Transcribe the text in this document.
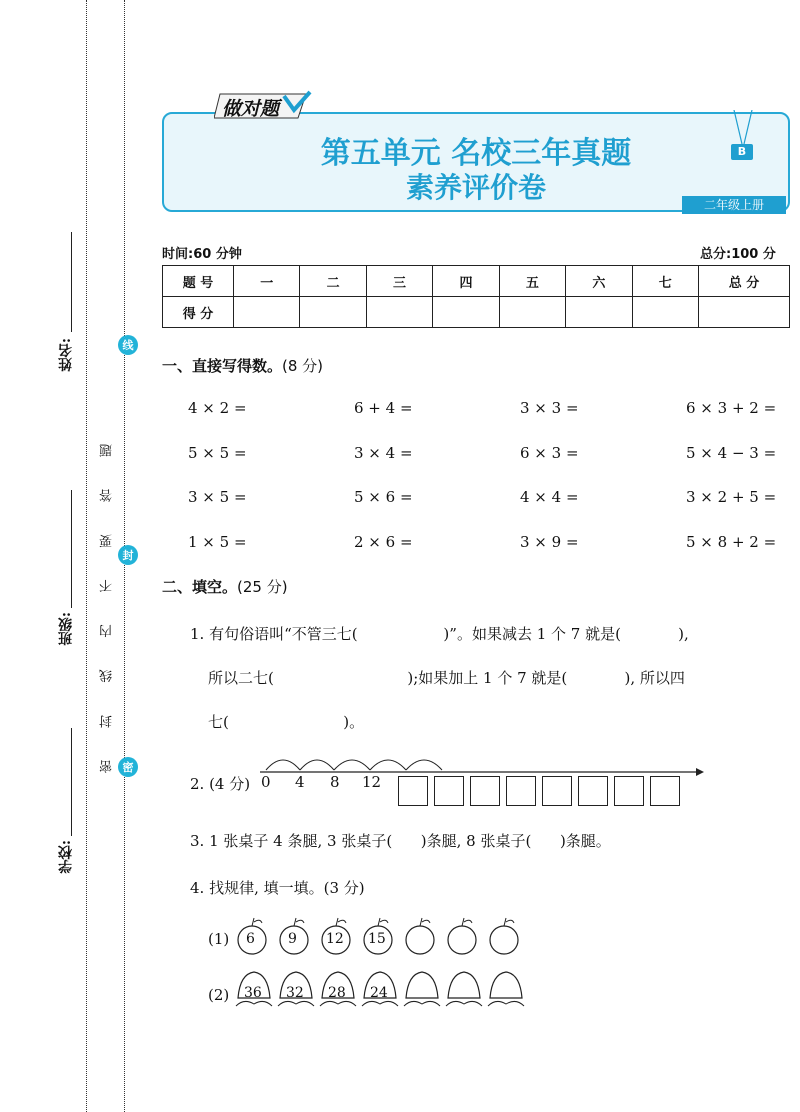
姓名:
班级:
学校:
密 封 线 内 不 要 答 题
线
封
密
第五单元 名校三年真题
素养评价卷
做对题
B
二年级上册
时间:60 分钟	总分:100 分
题 号	一	二	三	四	五	六	七	总 分
得 分								
一、直接写得数。(8 分)
4 × 2 =	6 + 4 =	3 × 3 =	6 × 3 + 2 =
5 × 5 =	3 × 4 =	6 × 3 =	5 × 4 − 3 =
3 × 5 =	5 × 6 =	4 × 4 =	3 × 2 + 5 =
1 × 5 =	2 × 6 =	3 × 9 =	5 × 8 + 2 =
二、填空。(25 分)
1. 有句俗语叫“不管三七(                  )”。如果减去 1 个 7 就是(            ),
所以二七(                            );如果加上 1 个 7 就是(            ), 所以四
七(                        )。
2. (4 分) 0 4 8 12
3. 1 张桌子 4 条腿, 3 张桌子(      )条腿, 8 张桌子(      )条腿。
4. 找规律, 填一填。(3 分)
(1) 6 9 12 15
(2) 36 32 28 24
